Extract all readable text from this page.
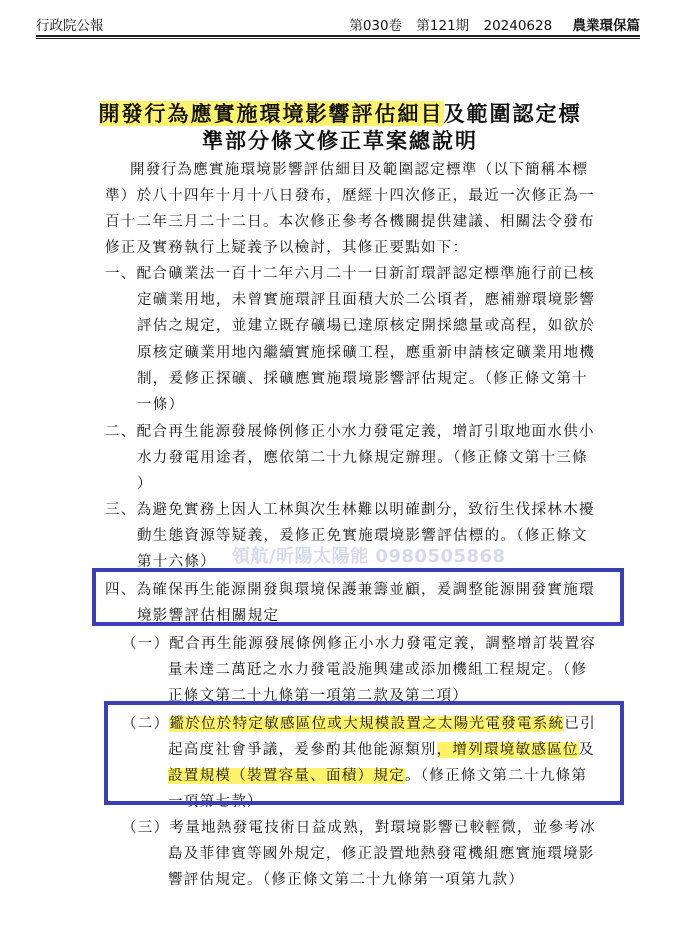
行政院公報	第030卷 第121期 20240628 農業環保篇
開發行為應實施環境影響評估細目及範圍認定標
準部分條文修正草案總說明
開發行為應實施環境影響評估細目及範圍認定標準（以下簡稱本標
準）於八十四年十月十八日發布，歷經十四次修正，最近一次修正為一
百十二年三月二十二日。本次修正參考各機關提供建議、相關法令發布
修正及實務執行上疑義予以檢討，其修正要點如下：
一、配合礦業法一百十二年六月二十一日新訂環評認定標準施行前已核
定礦業用地，未曾實施環評且面積大於二公頃者，應補辦環境影響
評估之規定，並建立既存礦場已達原核定開採總量或高程，如欲於
原核定礦業用地內繼續實施採礦工程，應重新申請核定礦業用地機
制，爰修正探礦、採礦應實施環境影響評估規定。（修正條文第十
一條）
二、配合再生能源發展條例修正小水力發電定義，增訂引取地面水供小
水力發電用途者，應依第二十九條規定辦理。（修正條文第十三條
）
三、為避免實務上因人工林與次生林難以明確劃分，致衍生伐採林木擾
動生態資源等疑義，爰修正免實施環境影響評估標的。（修正條文
第十六條） 領航/昕陽太陽能 0980505868
四、為確保再生能源開發與環境保護兼籌並顧，爰調整能源開發實施環
境影響評估相關規定
（一）配合再生能源發展條例修正小水力發電定義，調整增訂裝置容
量未達二萬瓩之水力發電設施興建或添加機組工程規定。（修
正條文第二十九條第一項第二款及第二項）
（二）鑑於位於特定敏感區位或大規模設置之太陽光電發電系統已引
起高度社會爭議，爰參酌其他能源類別，增列環境敏感區位及
設置規模（裝置容量、面積）規定。（修正條文第二十九條第
一項第七款）
（三）考量地熱發電技術日益成熟，對環境影響已較輕微，並參考冰
島及菲律賓等國外規定，修正設置地熱發電機組應實施環境影
響評估規定。（修正條文第二十九條第一項第九款）
